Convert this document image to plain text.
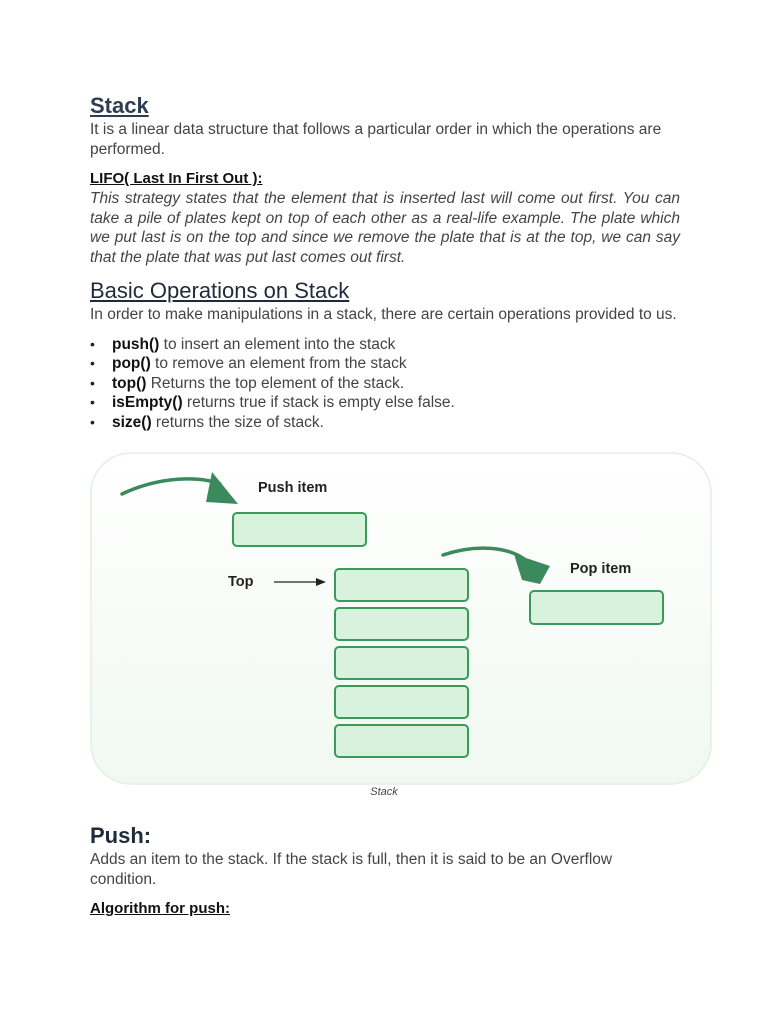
Stack

It is a linear data structure that follows a particular order in which the operations are performed.

LIFO( Last In First Out ):

This strategy states that the element that is inserted last will come out first. You can take a pile of plates kept on top of each other as a real-life example. The plate which we put last is on the top and since we remove the plate that is at the top, we can say that the plate that was put last comes out first.

Basic Operations on Stack

In order to make manipulations in a stack, there are certain operations provided to us.

• push() to insert an element into the stack
• pop() to remove an element from the stack
• top() Returns the top element of the stack.
• isEmpty() returns true if stack is empty else false.
• size() returns the size of stack.
Push item
Top
Pop item
Stack
Push:

Adds an item to the stack. If the stack is full, then it is said to be an Overflow condition.

Algorithm for push:
